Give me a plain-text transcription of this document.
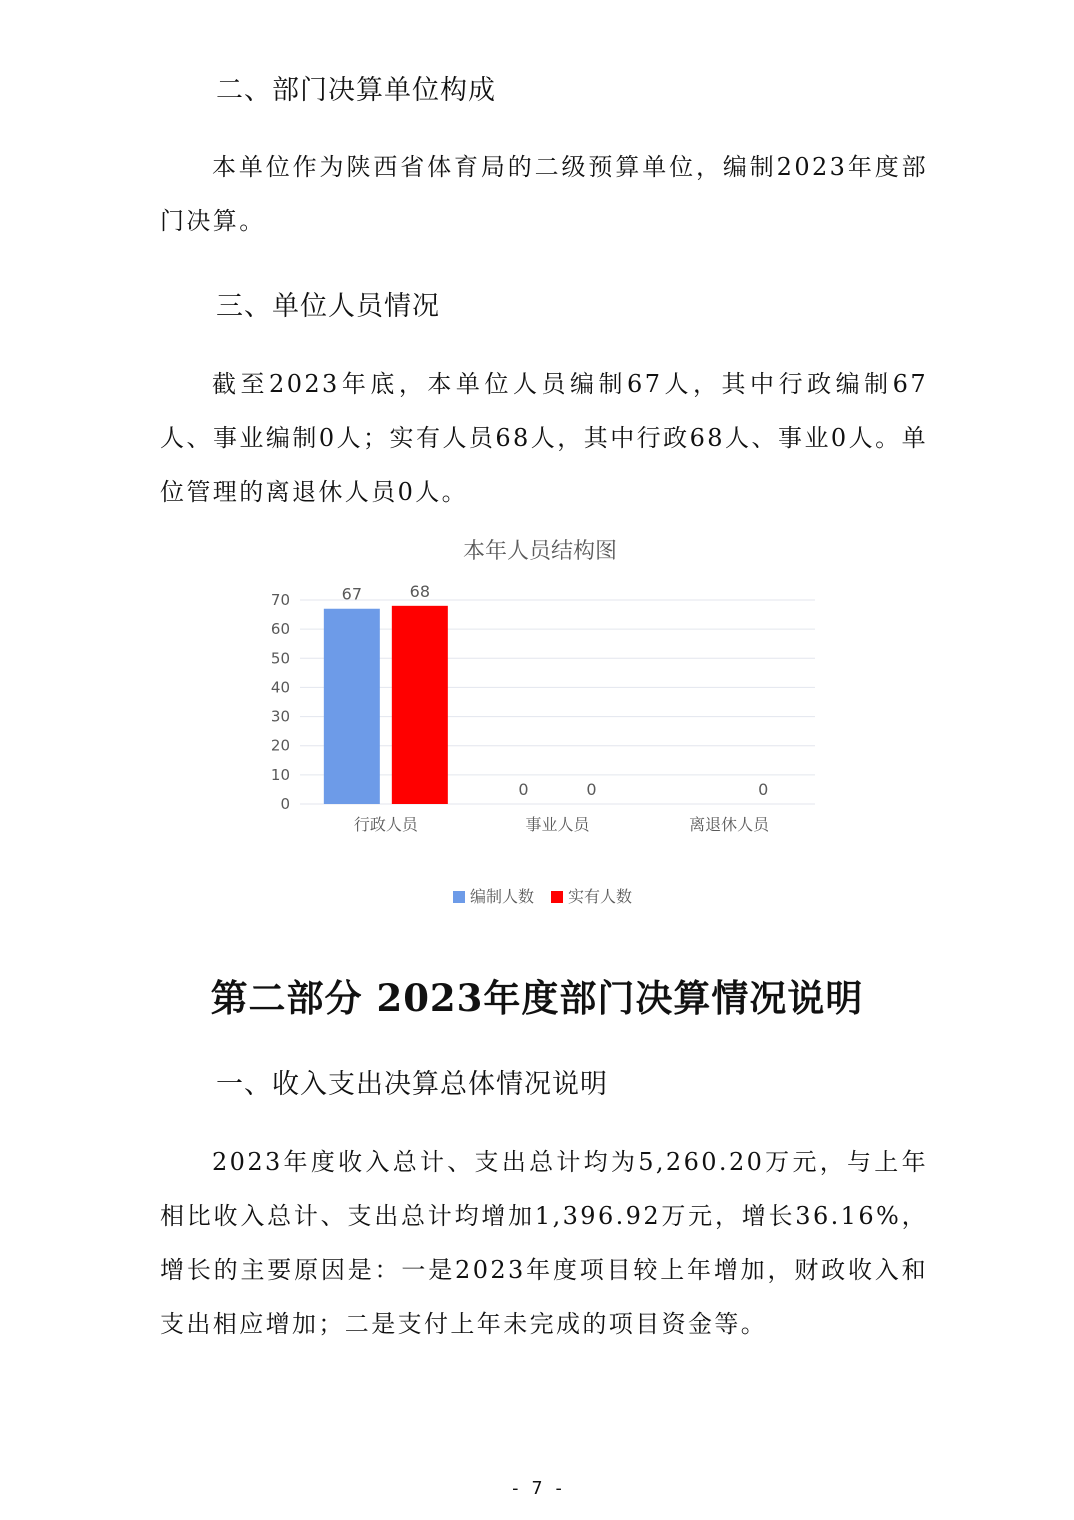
二、部门决算单位构成

本单位作为陕西省体育局的二级预算单位，编制2023年度部门决算。

三、单位人员情况

截至2023年底，本单位人员编制67人，其中行政编制67人、事业编制0人；实有人员68人，其中行政68人、事业0人。单位管理的离退休人员0人。

本年人员结构图
0
10
20
30
40
50
60
70
行政人员
67	68
事业人员
0	0
离退休人员
0
编制人数 实有人数
第二部分 2023年度部门决算情况说明
一、收入支出决算总体情况说明

2023年度收入总计、支出总计均为5,260.20万元，与上年相比收入总计、支出总计均增加1,396.92万元，增长36.16%，增长的主要原因是：一是2023年度项目较上年增加，财政收入和支出相应增加；二是支付上年未完成的项目资金等。

- 7 -
